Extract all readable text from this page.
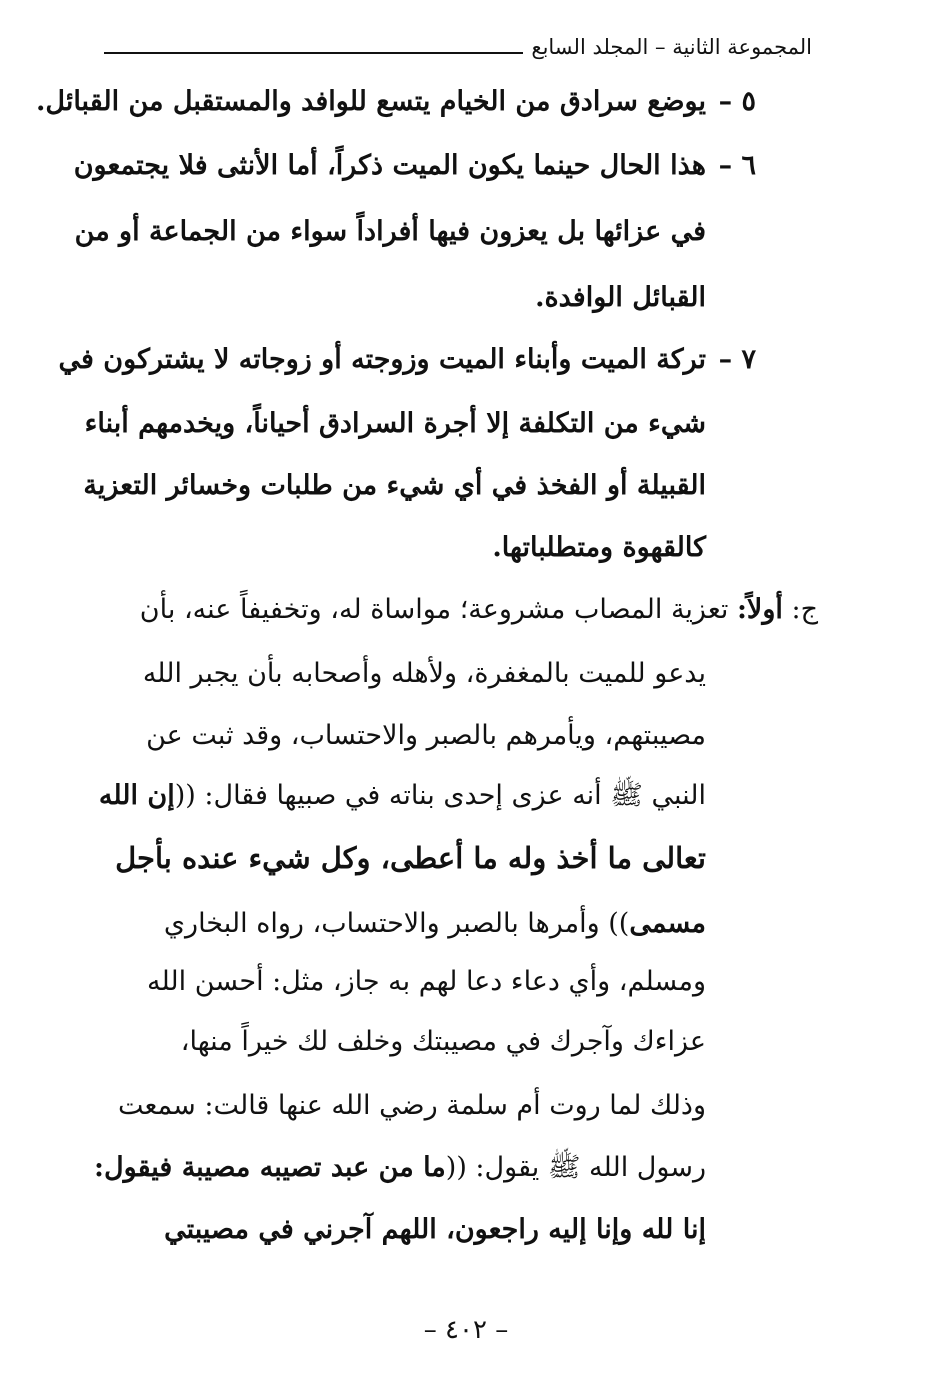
المجموعة الثانية – المجلد السابع
٥ –
يوضع سرادق من الخيام يتسع للوافد والمستقبل من القبائل.
٦ –
هذا الحال حينما يكون الميت ذكراً، أما الأنثى فلا يجتمعون
في عزائها بل يعزون فيها أفراداً سواء من الجماعة أو من
القبائل الوافدة.
٧ –
تركة الميت وأبناء الميت وزوجته أو زوجاته لا يشتركون في
شيء من التكلفة إلا أجرة السرادق أحياناً، ويخدمهم أبناء
القبيلة أو الفخذ في أي شيء من طلبات وخسائر التعزية
كالقهوة ومتطلباتها.
ج: أولاً: تعزية المصاب مشروعة؛ مواساة له، وتخفيفاً عنه، بأن
يدعو للميت بالمغفرة، ولأهله وأصحابه بأن يجبر الله
مصيبتهم، ويأمرهم بالصبر والاحتساب، وقد ثبت عن
النبي ﷺ أنه عزى إحدى بناته في صبيها فقال: ((إن الله
تعالى ما أخذ وله ما أعطى، وكل شيء عنده بأجل
مسمى)) وأمرها بالصبر والاحتساب، رواه البخاري
ومسلم، وأي دعاء دعا لهم به جاز، مثل: أحسن الله
عزاءك وآجرك في مصيبتك وخلف لك خيراً منها،
وذلك لما روت أم سلمة رضي الله عنها قالت: سمعت
رسول الله ﷺ يقول: ((ما من عبد تصيبه مصيبة فيقول:
إنا لله وإنا إليه راجعون، اللهم آجرني في مصيبتي
– ٤٠٢ –
